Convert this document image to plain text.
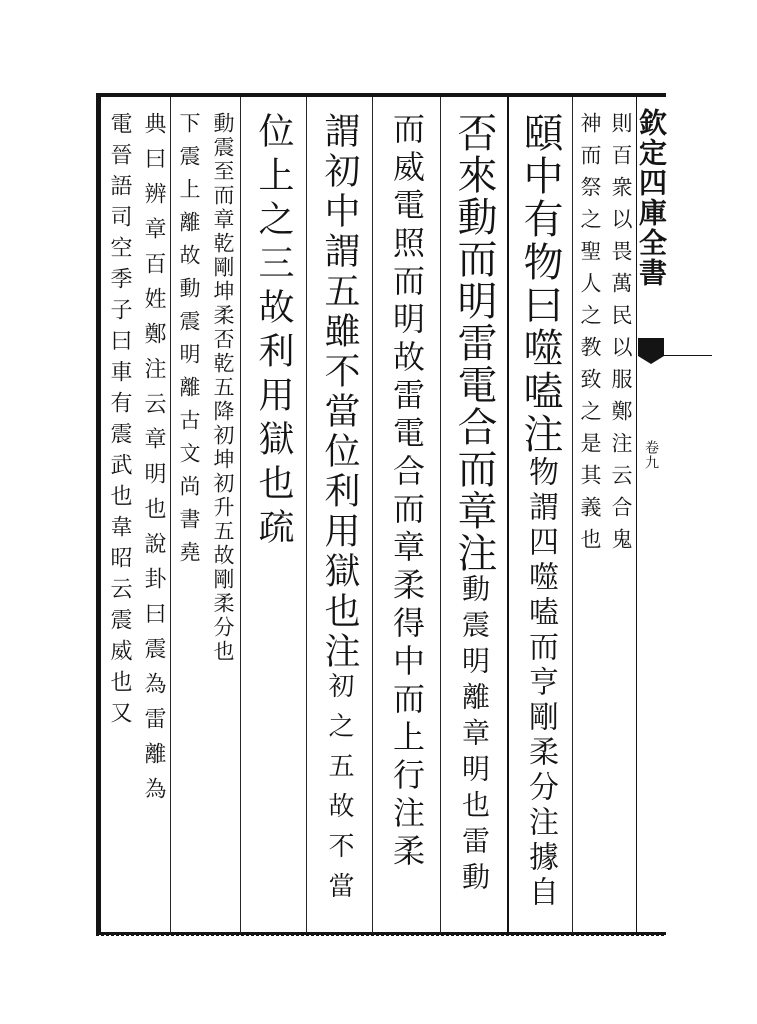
欽定四庫全書
卷九
則百衆以畏萬民以服鄭注云合鬼
神而祭之聖人之教致之是其義也
頤中有物曰噬嗑注物謂四噬嗑而亨剛柔分注據自
否來動而明雷電合而章注動震明離章明也雷動
而威電照而明故雷電合而章柔得中而上行注柔
謂初中謂五雖不當位利用獄也注初之五故不當
位上之三故利用獄也疏
動震至而章乾剛坤柔否乾五降初坤初升五故剛柔分也
下震上離故動震明離古文尚書堯
典曰辨章百姓鄭注云章明也說卦曰震為雷離為
電晉語司空季子曰車有震武也韋昭云震威也又
